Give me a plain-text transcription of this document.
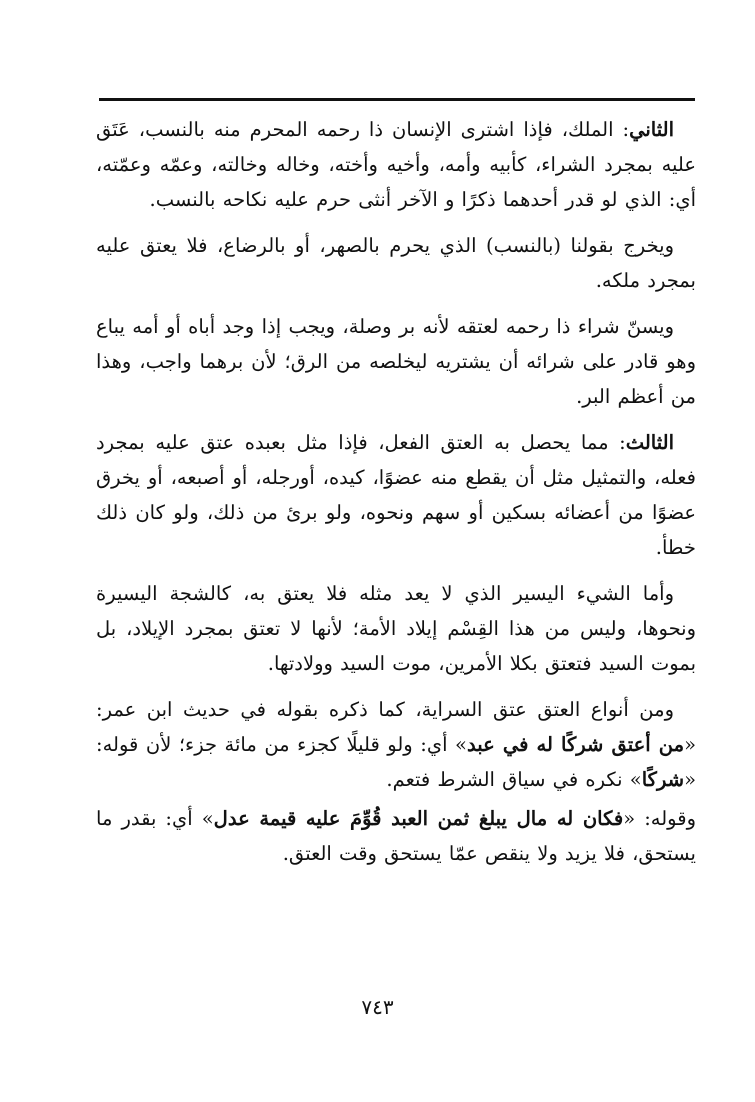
الثاني: الملك، فإذا اشترى الإنسان ذا رحمه المحرم منه بالنسب، عَتَق عليه بمجرد الشراء، كأبيه وأمه، وأخيه وأخته، وخاله وخالته، وعمّه وعمّته، أي: الذي لو قدر أحدهما ذكرًا و الآخر أنثى حرم عليه نكاحه بالنسب.

ويخرج بقولنا (بالنسب) الذي يحرم بالصهر، أو بالرضاع، فلا يعتق عليه بمجرد ملكه.

ويسنّ شراء ذا رحمه لعتقه لأنه بر وصلة، ويجب إذا وجد أباه أو أمه يباع وهو قادر على شرائه أن يشتريه ليخلصه من الرق؛ لأن برهما واجب، وهذا من أعظم البر.

الثالث: مما يحصل به العتق الفعل، فإذا مثل بعبده عتق عليه بمجرد فعله، والتمثيل مثل أن يقطع منه عضوًا، كيده، أورجله، أو أصبعه، أو يخرق عضوًا من أعضائه بسكين أو سهم ونحوه، ولو برئ من ذلك، ولو كان ذلك خطأ.

وأما الشيء اليسير الذي لا يعد مثله فلا يعتق به، كالشجة اليسيرة ونحوها، وليس من هذا القِسْم إيلاد الأمة؛ لأنها لا تعتق بمجرد الإيلاد، بل بموت السيد فتعتق بكلا الأمرين، موت السيد وولادتها.

ومن أنواع العتق عتق السراية، كما ذكره بقوله في حديث ابن عمر: «من أعتق شركًا له في عبد» أي: ولو قليلًا كجزء من مائة جزء؛ لأن قوله: «شركًا» نكره في سياق الشرط فتعم.

وقوله: «فكان له مال يبلغ ثمن العبد قُوِّمَ عليه قيمة عدل» أي: بقدر ما يستحق، فلا يزيد ولا ينقص عمّا يستحق وقت العتق.

٧٤٣
